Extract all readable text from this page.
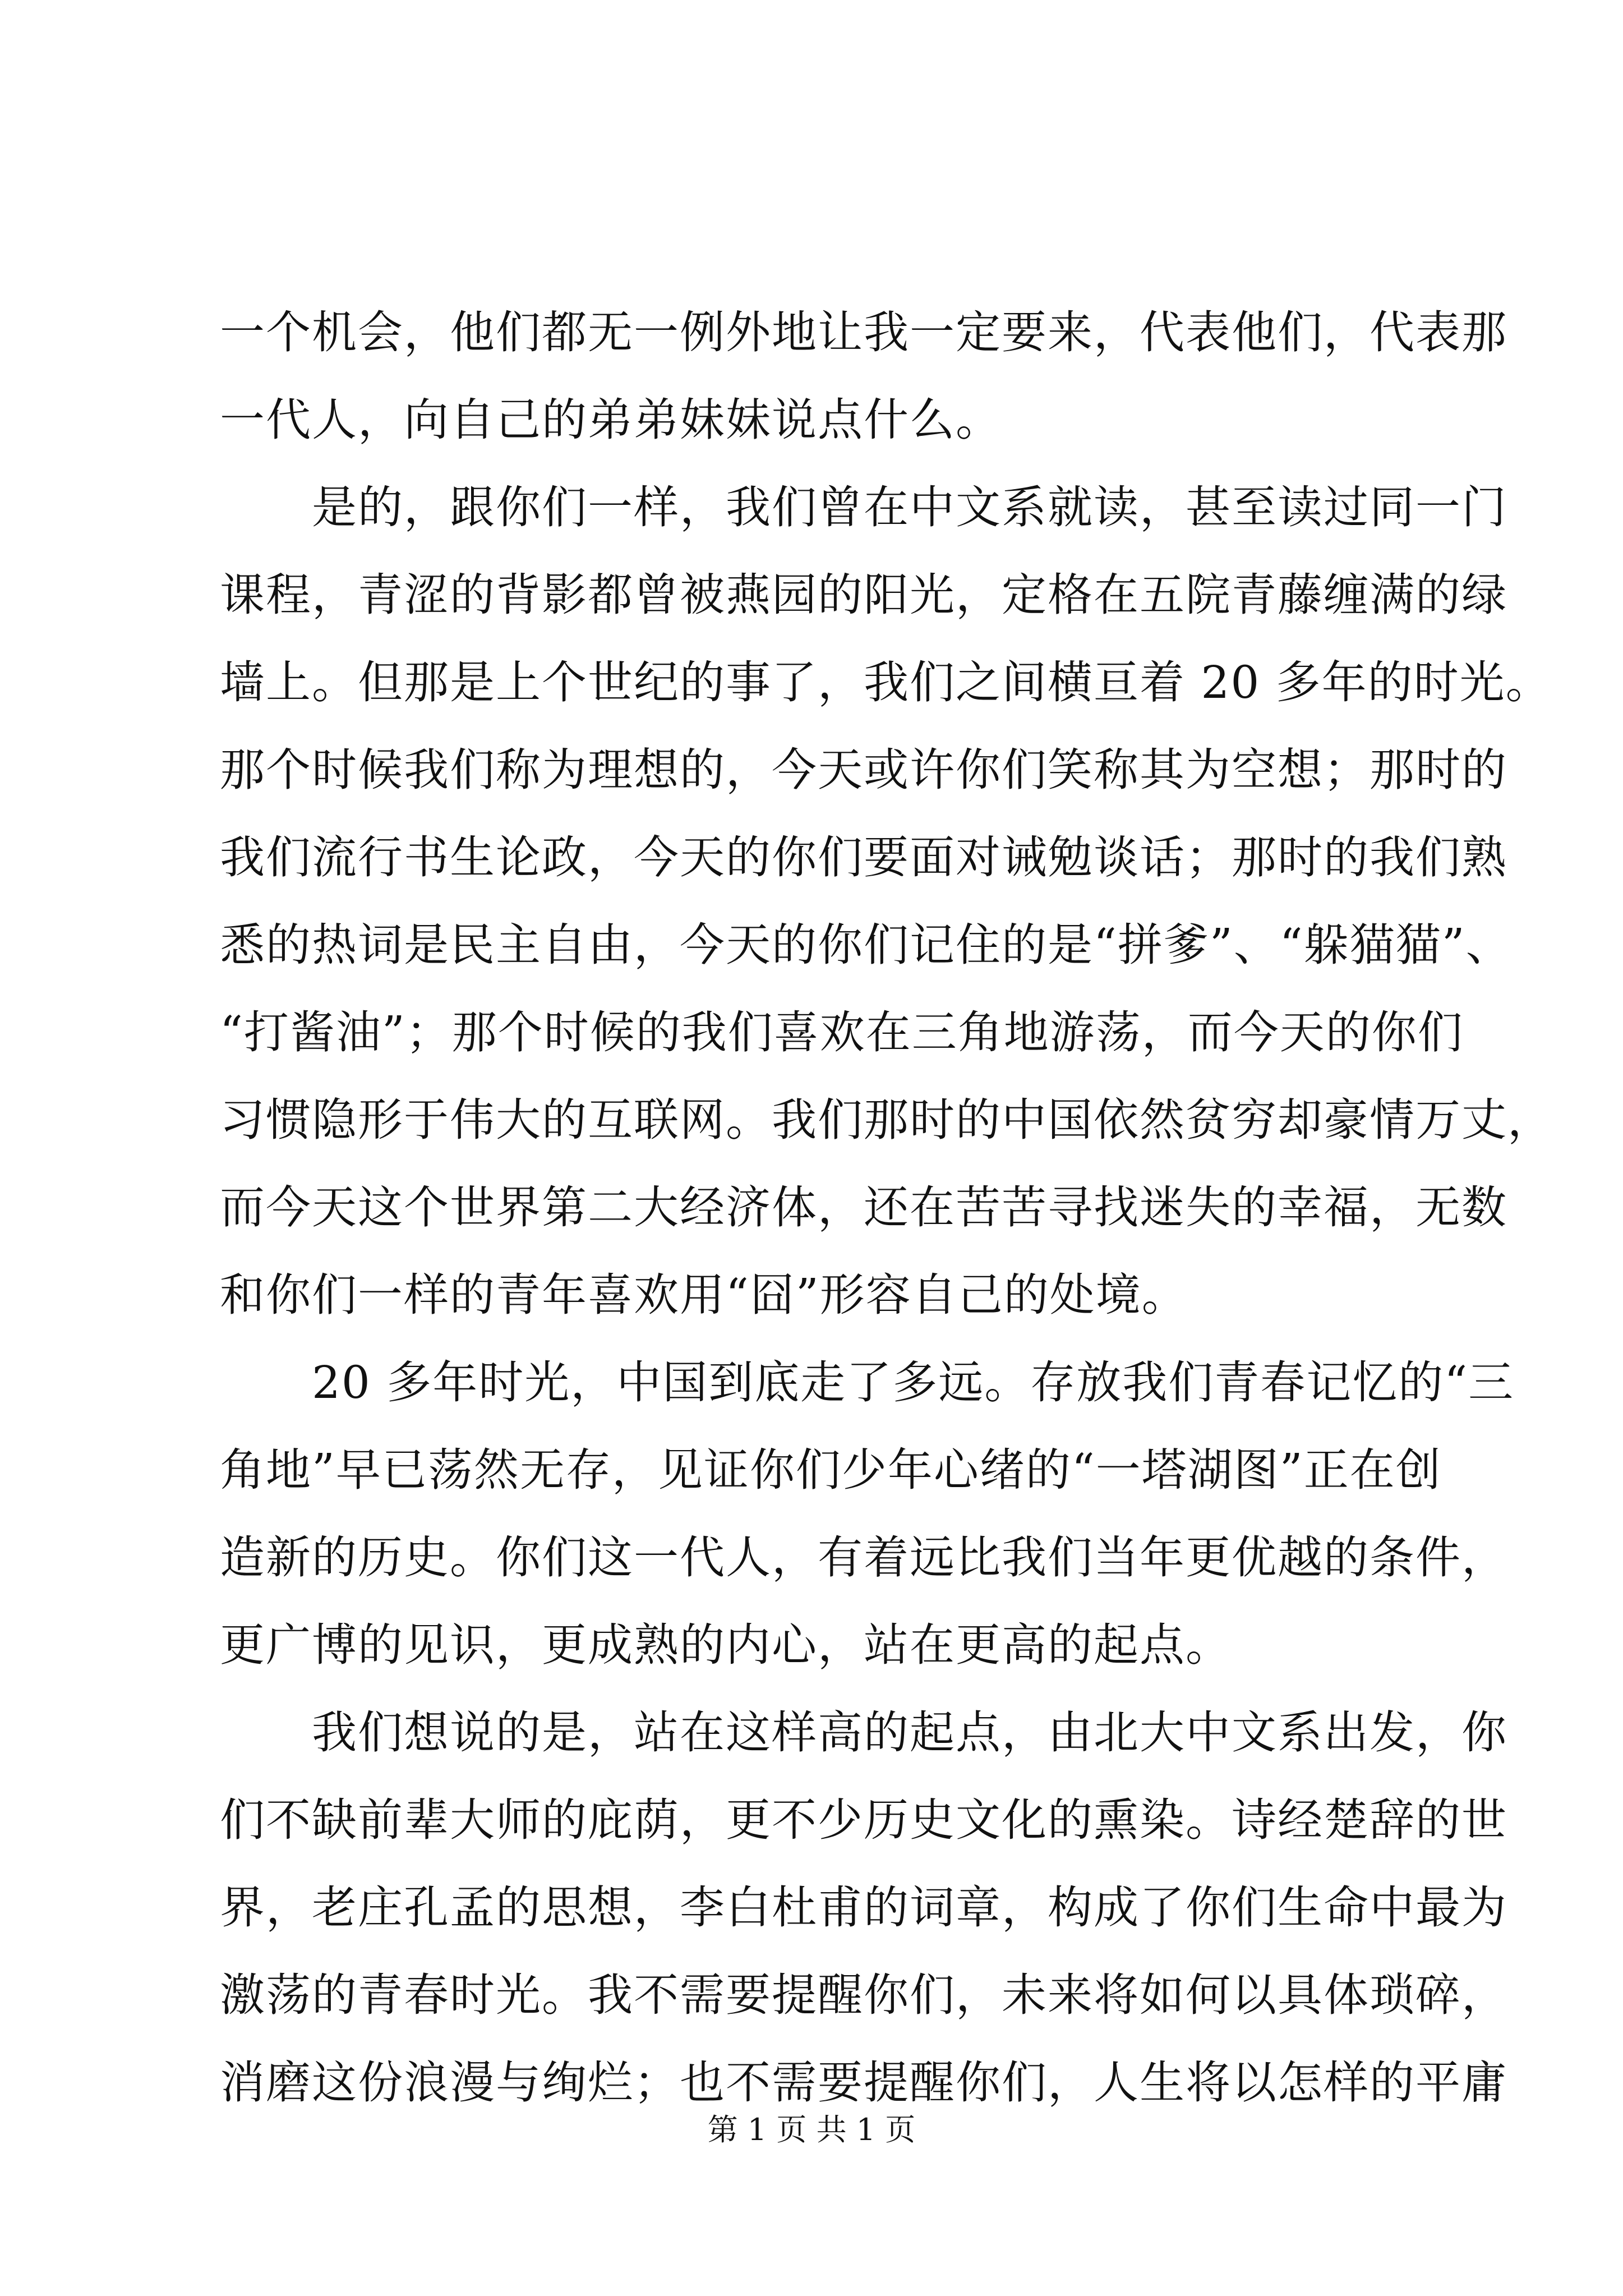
一个机会，他们都无一例外地让我一定要来，代表他们，代表那
一代人，向自己的弟弟妹妹说点什么。
是的，跟你们一样，我们曾在中文系就读，甚至读过同一门
课程，青涩的背影都曾被燕园的阳光，定格在五院青藤缠满的绿
墙上。但那是上个世纪的事了，我们之间横亘着 20 多年的时光。
那个时候我们称为理想的，今天或许你们笑称其为空想；那时的
我们流行书生论政，今天的你们要面对诫勉谈话；那时的我们熟
悉的热词是民主自由，今天的你们记住的是“拼爹”、“躲猫猫”、
“打酱油”；那个时候的我们喜欢在三角地游荡，而今天的你们
习惯隐形于伟大的互联网。我们那时的中国依然贫穷却豪情万丈，
而今天这个世界第二大经济体，还在苦苦寻找迷失的幸福，无数
和你们一样的青年喜欢用“囧”形容自己的处境。
20 多年时光，中国到底走了多远。存放我们青春记忆的“三
角地”早已荡然无存，见证你们少年心绪的“一塔湖图”正在创
造新的历史。你们这一代人，有着远比我们当年更优越的条件，
更广博的见识，更成熟的内心，站在更高的起点。
我们想说的是，站在这样高的起点，由北大中文系出发，你
们不缺前辈大师的庇荫，更不少历史文化的熏染。诗经楚辞的世
界，老庄孔孟的思想，李白杜甫的词章，构成了你们生命中最为
激荡的青春时光。我不需要提醒你们，未来将如何以具体琐碎，
消磨这份浪漫与绚烂；也不需要提醒你们，人生将以怎样的平庸
第 1 页 共 1 页
